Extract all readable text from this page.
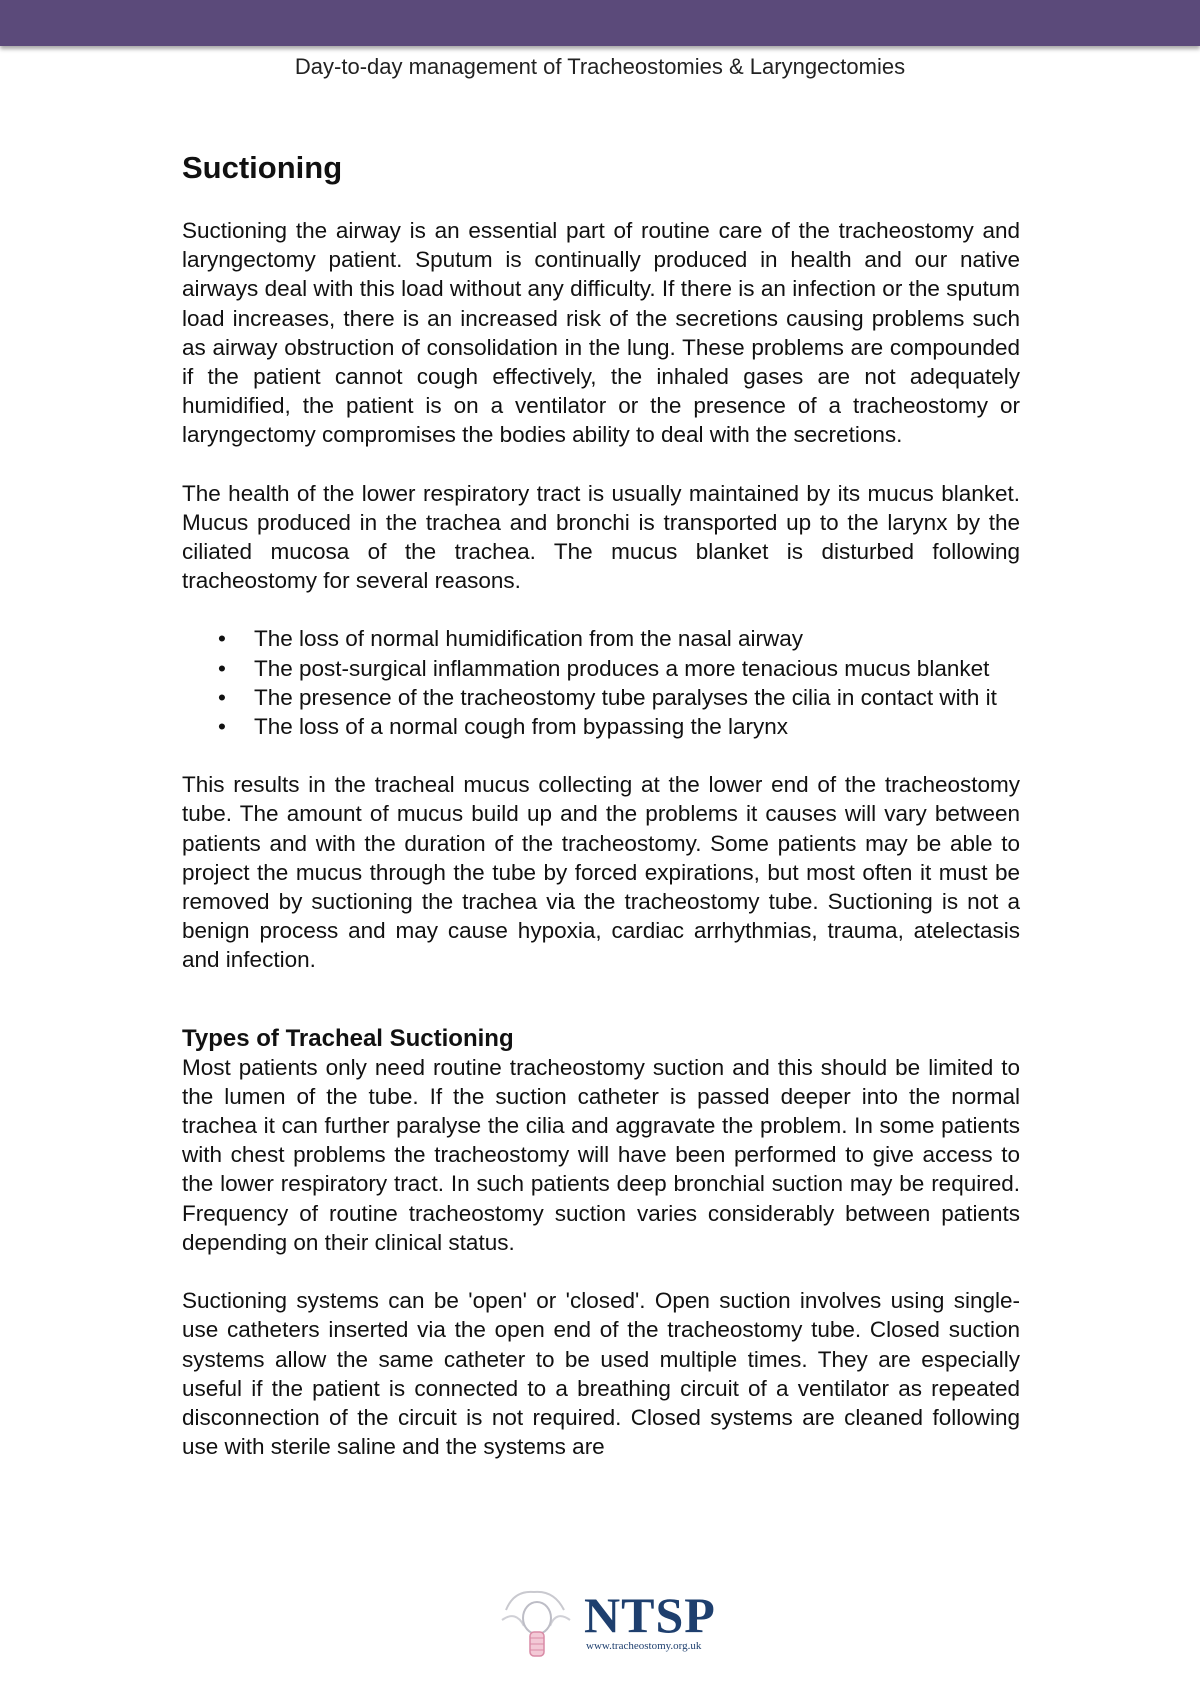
Day-to-day management of Tracheostomies & Laryngectomies
Suctioning

Suctioning the airway is an essential part of routine care of the tracheostomy and laryngectomy patient. Sputum is continually produced in health and our native airways deal with this load without any difficulty. If there is an infection or the sputum load increases, there is an increased risk of the secretions causing problems such as airway obstruction of consolidation in the lung. These problems are compounded if the patient cannot cough effectively, the inhaled gases are not adequately humidified, the patient is on a ventilator or the presence of a tracheostomy or laryngectomy compromises the bodies ability to deal with the secretions.

The health of the lower respiratory tract is usually maintained by its mucus blanket. Mucus produced in the trachea and bronchi is transported up to the larynx by the ciliated mucosa of the trachea. The mucus blanket is disturbed following tracheostomy for several reasons.

• The loss of normal humidification from the nasal airway
• The post-surgical inflammation produces a more tenacious mucus blanket
• The presence of the tracheostomy tube paralyses the cilia in contact with it
• The loss of a normal cough from bypassing the larynx

This results in the tracheal mucus collecting at the lower end of the tracheostomy tube. The amount of mucus build up and the problems it causes will vary between patients and with the duration of the tracheostomy. Some patients may be able to project the mucus through the tube by forced expirations, but most often it must be removed by suctioning the trachea via the tracheostomy tube. Suctioning is not a benign process and may cause hypoxia, cardiac arrhythmias, trauma, atelectasis and infection.

Types of Tracheal Suctioning

Most patients only need routine tracheostomy suction and this should be limited to the lumen of the tube. If the suction catheter is passed deeper into the normal trachea it can further paralyse the cilia and aggravate the problem. In some patients with chest problems the tracheostomy will have been performed to give access to the lower respiratory tract. In such patients deep bronchial suction may be required. Frequency of routine tracheostomy suction varies considerably between patients depending on their clinical status.

Suctioning systems can be 'open' or 'closed'. Open suction involves using single-use catheters inserted via the open end of the tracheostomy tube. Closed suction systems allow the same catheter to be used multiple times. They are especially useful if the patient is connected to a breathing circuit of a ventilator as repeated disconnection of the circuit is not required. Closed systems are cleaned following use with sterile saline and the systems are

NTSP
www.tracheostomy.org.uk
